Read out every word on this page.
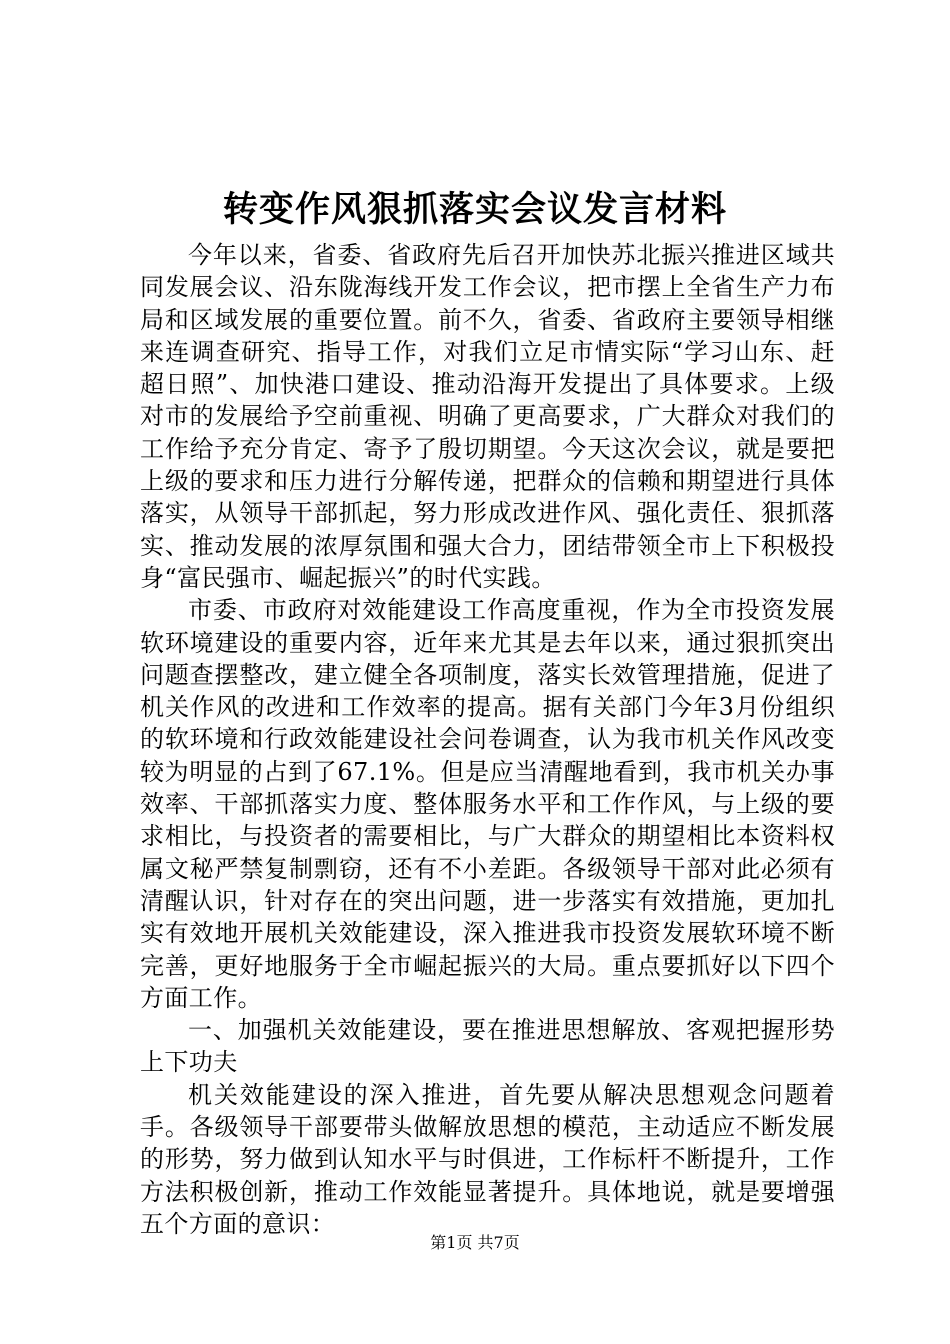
转变作风狠抓落实会议发言材料

今年以来，省委、省政府先后召开加快苏北振兴推进区域共同发展会议、沿东陇海线开发工作会议，把市摆上全省生产力布局和区域发展的重要位置。前不久，省委、省政府主要领导相继来连调查研究、指导工作，对我们立足市情实际“学习山东、赶超日照”、加快港口建设、推动沿海开发提出了具体要求。上级对市的发展给予空前重视、明确了更高要求，广大群众对我们的工作给予充分肯定、寄予了殷切期望。今天这次会议，就是要把上级的要求和压力进行分解传递，把群众的信赖和期望进行具体落实，从领导干部抓起，努力形成改进作风、强化责任、狠抓落实、推动发展的浓厚氛围和强大合力，团结带领全市上下积极投身“富民强市、崛起振兴”的时代实践。

市委、市政府对效能建设工作高度重视，作为全市投资发展软环境建设的重要内容，近年来尤其是去年以来，通过狠抓突出问题查摆整改，建立健全各项制度，落实长效管理措施，促进了机关作风的改进和工作效率的提高。据有关部门今年3月份组织的软环境和行政效能建设社会问卷调查，认为我市机关作风改变较为明显的占到了67.1%。但是应当清醒地看到，我市机关办事效率、干部抓落实力度、整体服务水平和工作作风，与上级的要求相比，与投资者的需要相比，与广大群众的期望相比本资料权属文秘严禁复制剽窃，还有不小差距。各级领导干部对此必须有清醒认识，针对存在的突出问题，进一步落实有效措施，更加扎实有效地开展机关效能建设，深入推进我市投资发展软环境不断完善，更好地服务于全市崛起振兴的大局。重点要抓好以下四个方面工作。

一、加强机关效能建设，要在推进思想解放、客观把握形势上下功夫

机关效能建设的深入推进，首先要从解决思想观念问题着手。各级领导干部要带头做解放思想的模范，主动适应不断发展的形势，努力做到认知水平与时俱进，工作标杆不断提升，工作方法积极创新，推动工作效能显著提升。具体地说，就是要增强五个方面的意识：

第1页 共7页
